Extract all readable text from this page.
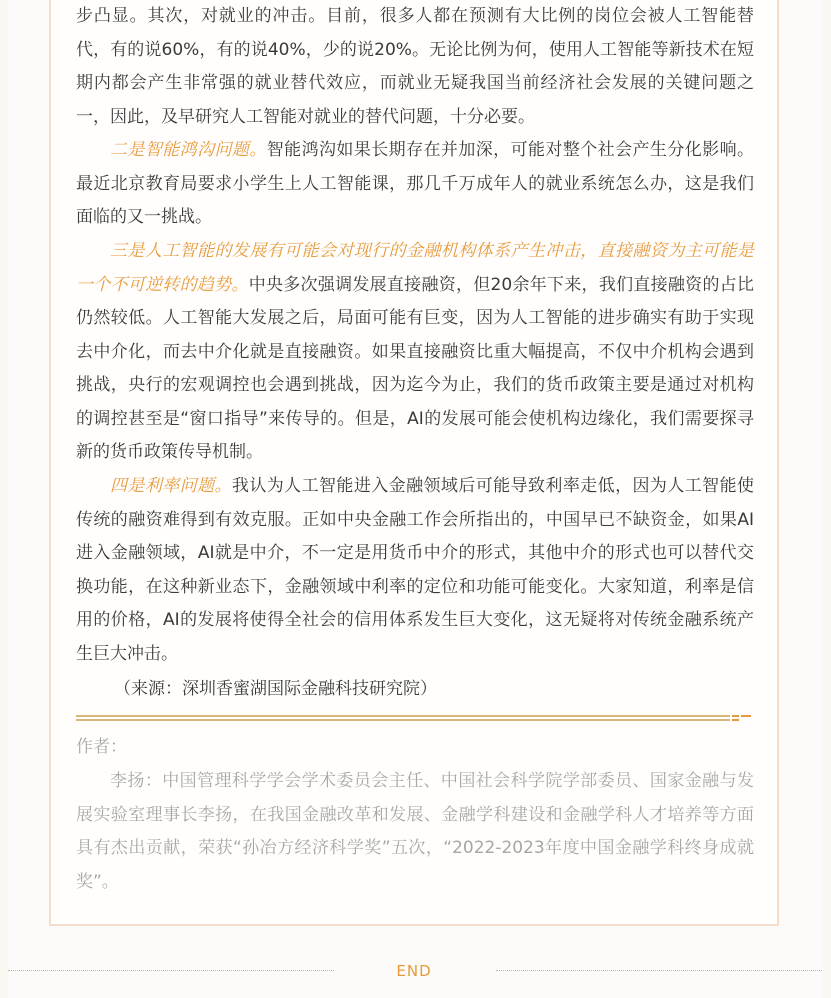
步凸显。其次，对就业的冲击。目前，很多人都在预测有大比例的岗位会被人工智能替代，有的说60%，有的说40%，少的说20%。无论比例为何，使用人工智能等新技术在短期内都会产生非常强的就业替代效应，而就业无疑我国当前经济社会发展的关键问题之一，因此，及早研究人工智能对就业的替代问题，十分必要。

二是智能鸿沟问题。智能鸿沟如果长期存在并加深，可能对整个社会产生分化影响。最近北京教育局要求小学生上人工智能课，那几千万成年人的就业系统怎么办，这是我们面临的又一挑战。

三是人工智能的发展有可能会对现行的金融机构体系产生冲击，直接融资为主可能是一个不可逆转的趋势。中央多次强调发展直接融资，但20余年下来，我们直接融资的占比仍然较低。人工智能大发展之后，局面可能有巨变，因为人工智能的进步确实有助于实现去中介化，而去中介化就是直接融资。如果直接融资比重大幅提高，不仅中介机构会遇到挑战，央行的宏观调控也会遇到挑战，因为迄今为止，我们的货币政策主要是通过对机构的调控甚至是“窗口指导”来传导的。但是，AI的发展可能会使机构边缘化，我们需要探寻新的货币政策传导机制。

四是利率问题。我认为人工智能进入金融领域后可能导致利率走低，因为人工智能使传统的融资难得到有效克服。正如中央金融工作会所指出的，中国早已不缺资金，如果AI进入金融领域，AI就是中介，不一定是用货币中介的形式，其他中介的形式也可以替代交换功能，在这种新业态下，金融领域中利率的定位和功能可能变化。大家知道，利率是信用的价格，AI的发展将使得全社会的信用体系发生巨大变化，这无疑将对传统金融系统产生巨大冲击。

（来源：深圳香蜜湖国际金融科技研究院）

作者：

李扬：中国管理科学学会学术委员会主任、中国社会科学院学部委员、国家金融与发展实验室理事长李扬，在我国金融改革和发展、金融学科建设和金融学科人才培养等方面具有杰出贡献，荣获“孙冶方经济科学奖”五次，“2022-2023年度中国金融学科终身成就奖”。

END
